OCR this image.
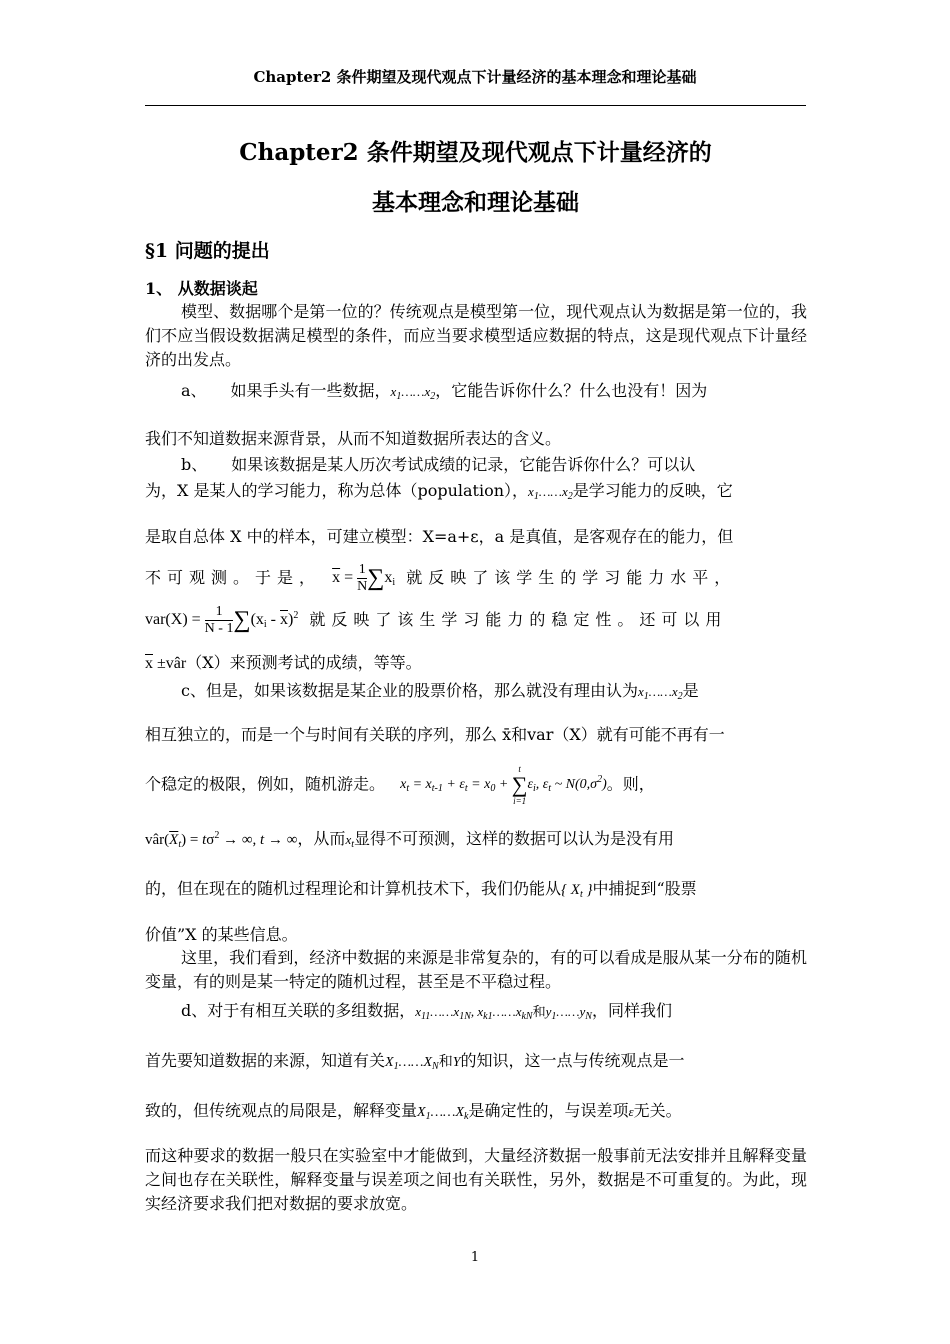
Chapter2 条件期望及现代观点下计量经济的基本理念和理论基础
Chapter2 条件期望及现代观点下计量经济的
基本理念和理论基础
§1 问题的提出
1、 从数据谈起
模型、数据哪个是第一位的？传统观点是模型第一位，现代观点认为数据是第一位的，我们不应当假设数据满足模型的条件，而应当要求模型适应数据的特点，这是现代观点下计量经济的出发点。
a、　　如果手头有一些数据，$x_1\dots\dots x_2$，它能告诉你什么？什么也没有！因为
我们不知道数据来源背景，从而不知道数据所表达的含义。
b、　　如果该数据是某人历次考试成绩的记录，它能告诉你什么？可以认
为，X 是某人的学习能力，称为总体（population），$x_1\dots\dots x_2$是学习能力的反映，它
是取自总体 X 中的样本，可建立模型：X=a+ε，a 是真值，是客观存在的能力，但
不可观测。于是， $\overline{x} = \frac{1}{N} \sum x_i$ 就反映了该学生的学习能力水平，
$var(X) = \frac{1}{N - 1} \sum(x_i - \overline{x})^2$ 就反映了该生学习能力的稳定性。还可以用
$\overline{x}$ ±vâr（X）来预测考试的成绩，等等。
c、但是，如果该数据是某企业的股票价格，那么就没有理由认为$x_1\dots\dots x_2$是
相互独立的，而是一个与时间有关联的序列，那么 x̄和var（X）就有可能不再有一
个稳定的极限，例如，随机游走。 $x_t = x_{t-1} + \varepsilon_t = x_0$ +
t
∑
i=1
$\varepsilon_i$, $\varepsilon_t$ ~ $N(0,\sigma^2)$。则，
$vâr(\overline{X}_t) = t\sigma^2$ → ∞, t → ∞，从而$x_t$显得不可预测，这样的数据可以认为是没有用
的，但在现在的随机过程理论和计算机技术下，我们仍能从{ $X_t$ }中捕捉到“股票
价值”X 的某些信息。
这里，我们看到，经济中数据的来源是非常复杂的，有的可以看成是服从某一分布的随机变量，有的则是某一特定的随机过程，甚至是不平稳过程。
d、对于有相互关联的多组数据，$x_{11}\dots\dots x_{1N}$, $x_{k1}\dots\dots x_{kN}$和$y_1\dots\dots y_N$，同样我们
首先要知道数据的来源，知道有关$X_1\dots\dots X_N$和Y的知识，这一点与传统观点是一
致的，但传统观点的局限是，解释变量$X_1\dots\dots X_k$是确定性的，与误差项ε无关。
而这种要求的数据一般只在实验室中才能做到，大量经济数据一般事前无法安排并且解释变量之间也存在关联性，解释变量与误差项之间也有关联性，另外，数据是不可重复的。为此，现实经济要求我们把对数据的要求放宽。
1
